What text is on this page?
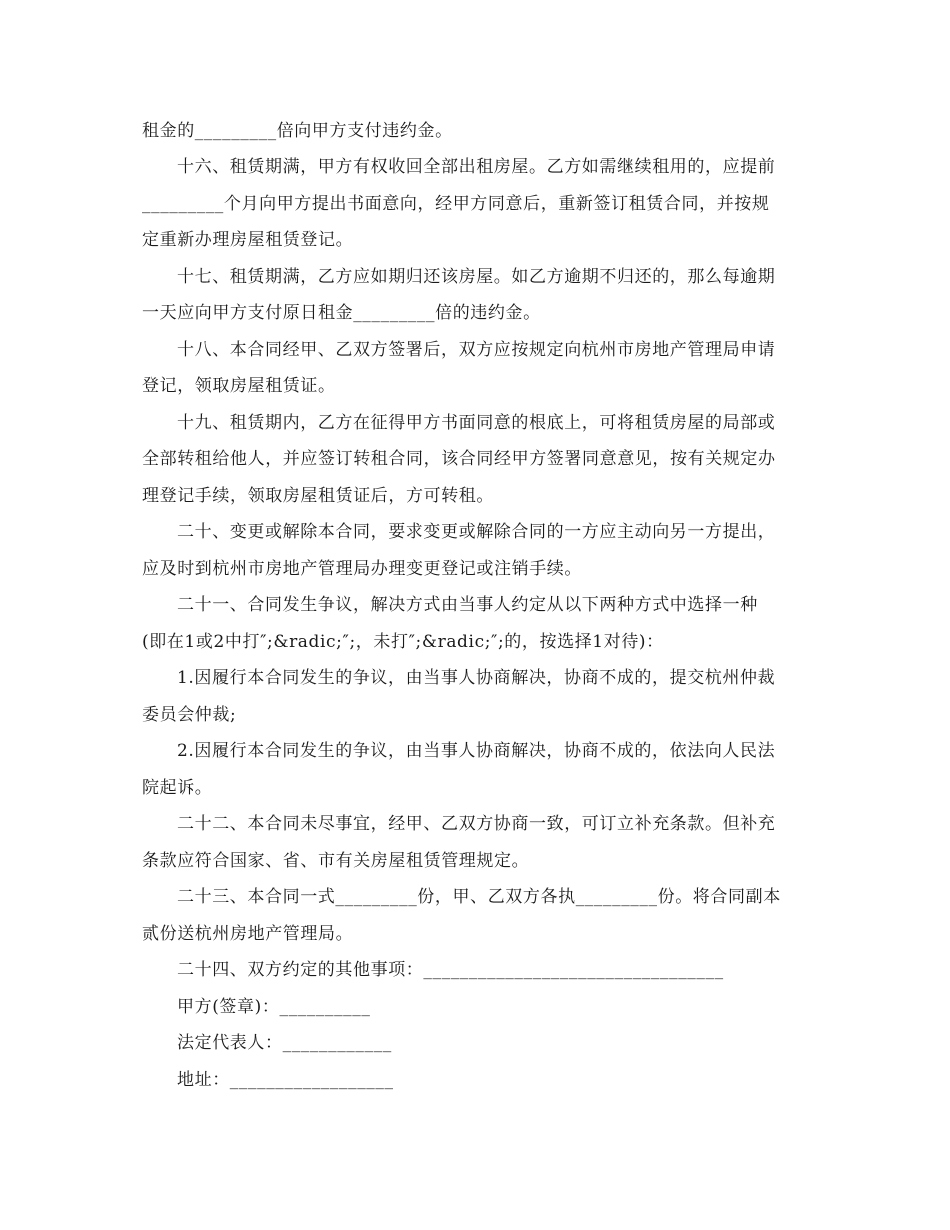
租金的_________倍向甲方支付违约金。
十六、租赁期满，甲方有权收回全部出租房屋。乙方如需继续租用的，应提前
_________个月向甲方提出书面意向，经甲方同意后，重新签订租赁合同，并按规
定重新办理房屋租赁登记。
十七、租赁期满，乙方应如期归还该房屋。如乙方逾期不归还的，那么每逾期
一天应向甲方支付原日租金_________倍的违约金。
十八、本合同经甲、乙双方签署后，双方应按规定向杭州市房地产管理局申请
登记，领取房屋租赁证。
十九、租赁期内，乙方在征得甲方书面同意的根底上，可将租赁房屋的局部或
全部转租给他人，并应签订转租合同，该合同经甲方签署同意意见，按有关规定办
理登记手续，领取房屋租赁证后，方可转租。
二十、变更或解除本合同，要求变更或解除合同的一方应主动向另一方提出，
应及时到杭州市房地产管理局办理变更登记或注销手续。
二十一、合同发生争议，解决方式由当事人约定从以下两种方式中选择一种
(即在1或2中打″;&radic;″;，未打″;&radic;″;的，按选择1对待)：
1.因履行本合同发生的争议，由当事人协商解决，协商不成的，提交杭州仲裁
委员会仲裁;
2.因履行本合同发生的争议，由当事人协商解决，协商不成的，依法向人民法
院起诉。
二十二、本合同未尽事宜，经甲、乙双方协商一致，可订立补充条款。但补充
条款应符合国家、省、市有关房屋租赁管理规定。
二十三、本合同一式_________份，甲、乙双方各执_________份。将合同副本
贰份送杭州房地产管理局。
二十四、双方约定的其他事项：_________________________________
甲方(签章)：__________
法定代表人：____________
地址：__________________
